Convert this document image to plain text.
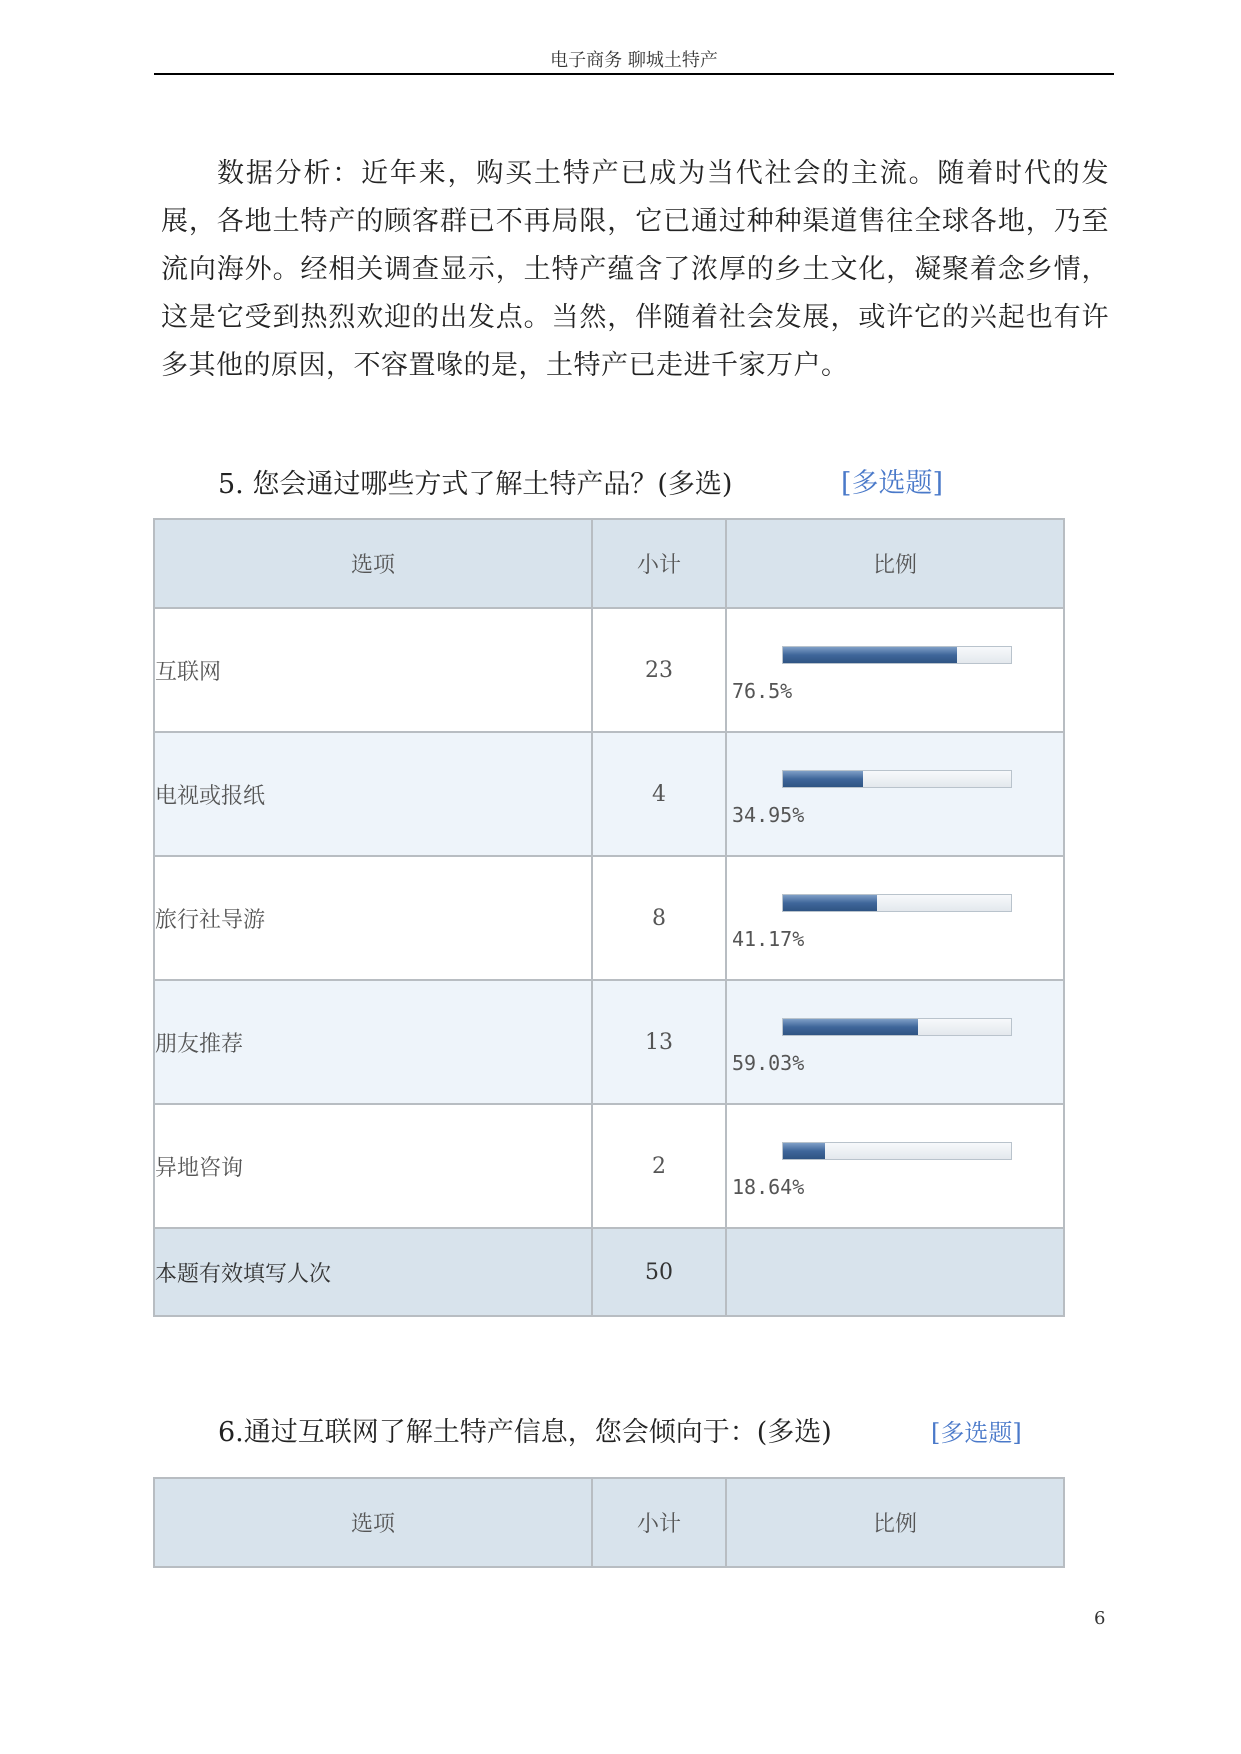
电子商务 聊城土特产

数据分析：近年来，购买土特产已成为当代社会的主流。随着时代的发展，各地土特产的顾客群已不再局限，它已通过种种渠道售往全球各地，乃至流向海外。经相关调查显示，土特产蕴含了浓厚的乡土文化，凝聚着念乡情，这是它受到热烈欢迎的出发点。当然，伴随着社会发展，或许它的兴起也有许多其他的原因，不容置喙的是，土特产已走进千家万户。

5. 您会通过哪些方式了解土特产品？(多选)	[多选题]
选项	小计	比例
互联网	23	76.5%

电视或报纸	4	34.95%

旅行社导游	8	41.17%

朋友推荐	13	59.03%

异地咨询	2	18.64%

本题有效填写人次	50	
6.通过互联网了解土特产信息，您会倾向于：(多选)	[多选题]
选项	小计	比例
6
